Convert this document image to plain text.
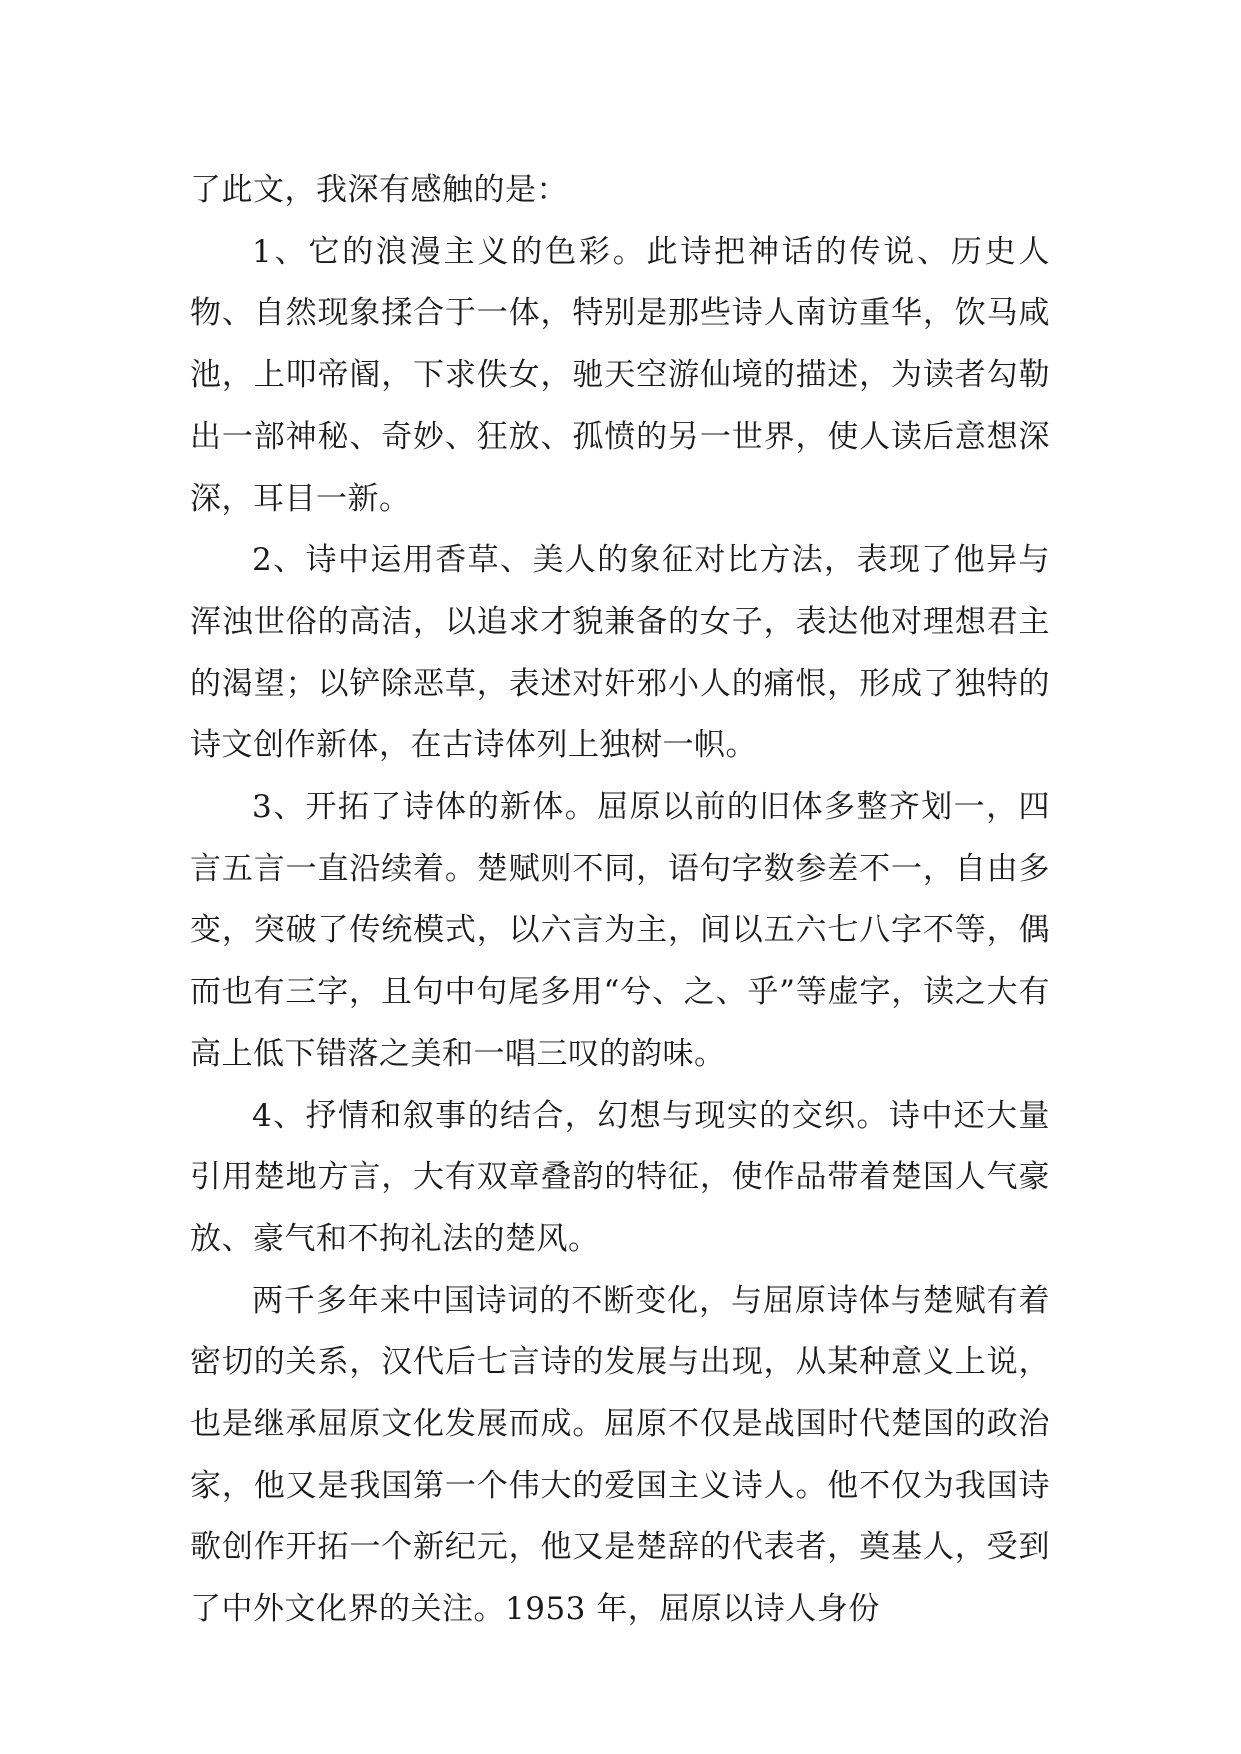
了此文，我深有感触的是：

1、它的浪漫主义的色彩。此诗把神话的传说、历史人物、自然现象揉合于一体，特别是那些诗人南访重华，饮马咸池，上叩帝阍，下求佚女，驰天空游仙境的描述，为读者勾勒出一部神秘、奇妙、狂放、孤愤的另一世界，使人读后意想深深，耳目一新。

2、诗中运用香草、美人的象征对比方法，表现了他异与浑浊世俗的高洁，以追求才貌兼备的女子，表达他对理想君主的渴望；以铲除恶草，表述对奸邪小人的痛恨，形成了独特的诗文创作新体，在古诗体列上独树一帜。

3、开拓了诗体的新体。屈原以前的旧体多整齐划一，四言五言一直沿续着。楚赋则不同，语句字数参差不一，自由多变，突破了传统模式，以六言为主，间以五六七八字不等，偶而也有三字，且句中句尾多用“兮、之、乎”等虚字，读之大有高上低下错落之美和一唱三叹的韵味。

4、抒情和叙事的结合，幻想与现实的交织。诗中还大量引用楚地方言，大有双章叠韵的特征，使作品带着楚国人气豪放、豪气和不拘礼法的楚风。

两千多年来中国诗词的不断变化，与屈原诗体与楚赋有着密切的关系，汉代后七言诗的发展与出现，从某种意义上说，也是继承屈原文化发展而成。屈原不仅是战国时代楚国的政治家，他又是我国第一个伟大的爱国主义诗人。他不仅为我国诗歌创作开拓一个新纪元，他又是楚辞的代表者，奠基人，受到了中外文化界的关注。1953 年，屈原以诗人身份
